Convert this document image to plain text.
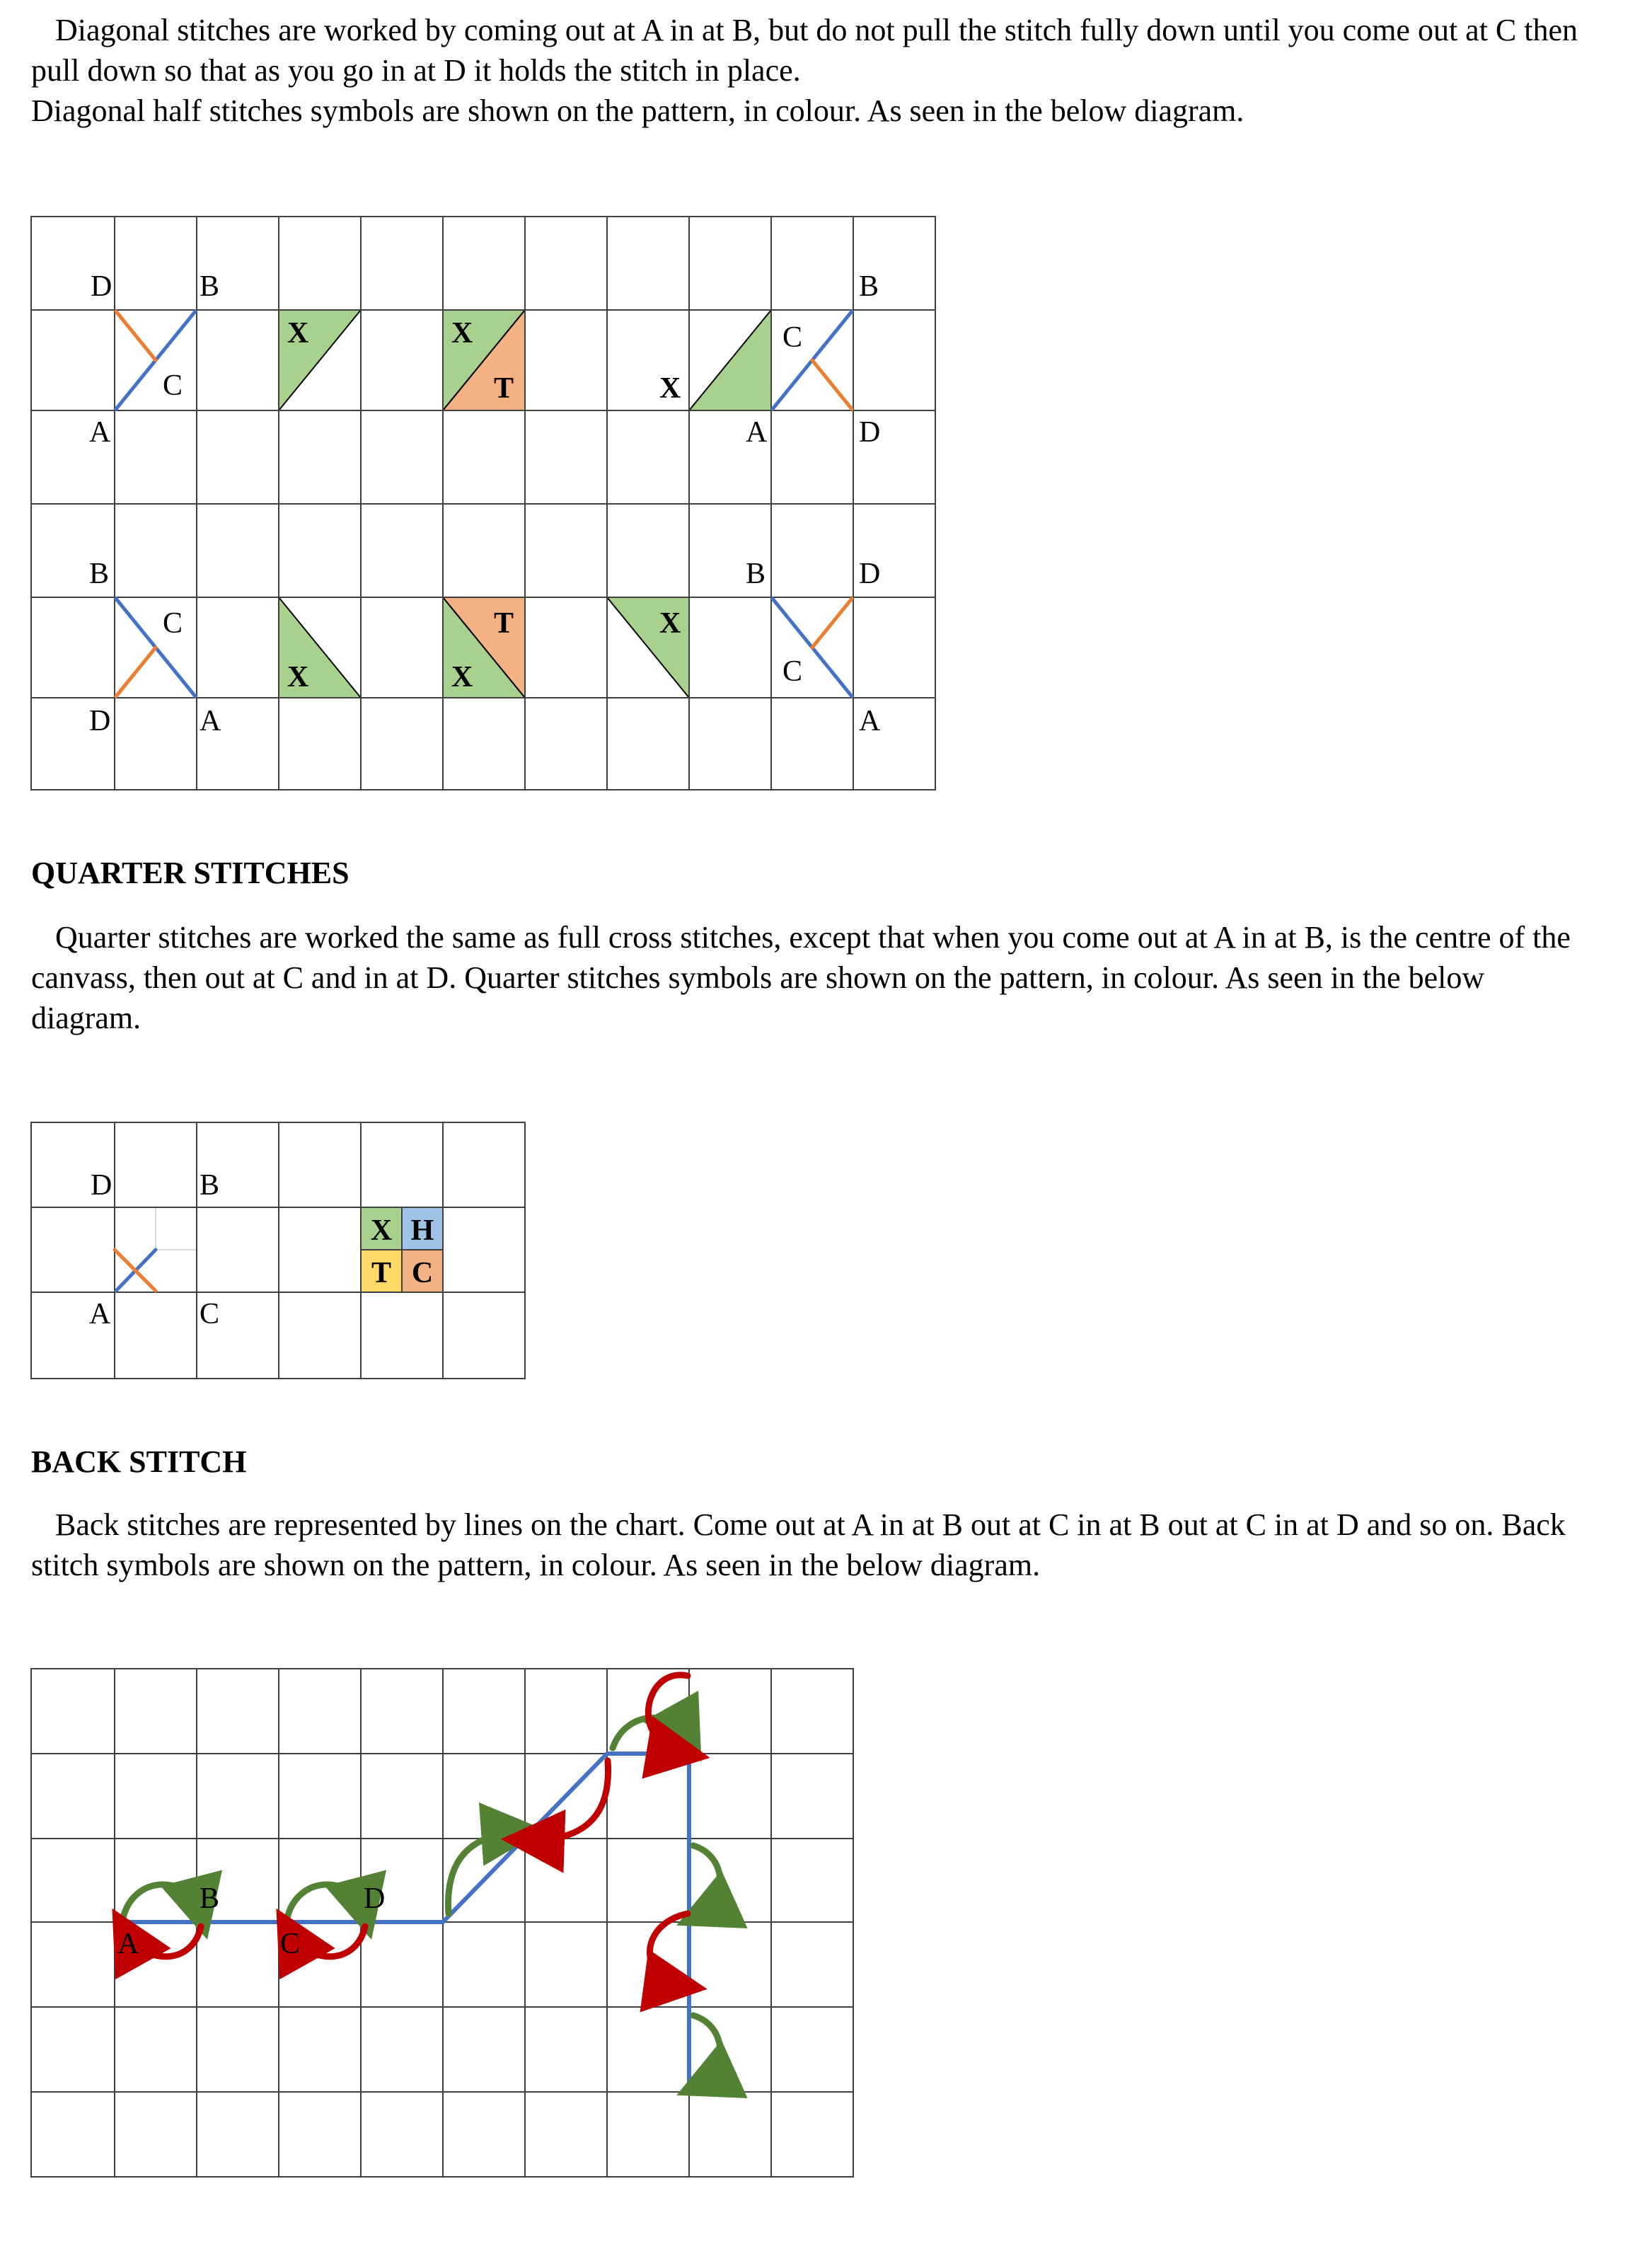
Diagonal stitches are worked by coming out at A in at B, but do not pull the stitch fully down until you come out at C then pull down so that as you go in at D it holds the stitch in place.
Diagonal half stitches symbols are shown on the pattern, in colour. As seen in the below diagram.

D	B
C
A
B
C
A	D
B
C
D	A
B	D
C
A
X	X
T	X
T	X
X	X
QUARTER STITCHES

Quarter stitches are worked the same as full cross stitches, except that when you come out at A in at B, is the centre of the canvass, then out at C and in at D. Quarter stitches symbols are shown on the pattern, in colour. As seen in the below diagram.

D	B
A	C
X H
T C
BACK STITCH

Back stitches are represented by lines on the chart. Come out at A in at B out at C in at B out at C in at D and so on. Back stitch symbols are shown on the pattern, in colour. As seen in the below diagram.

B	D
A	C
